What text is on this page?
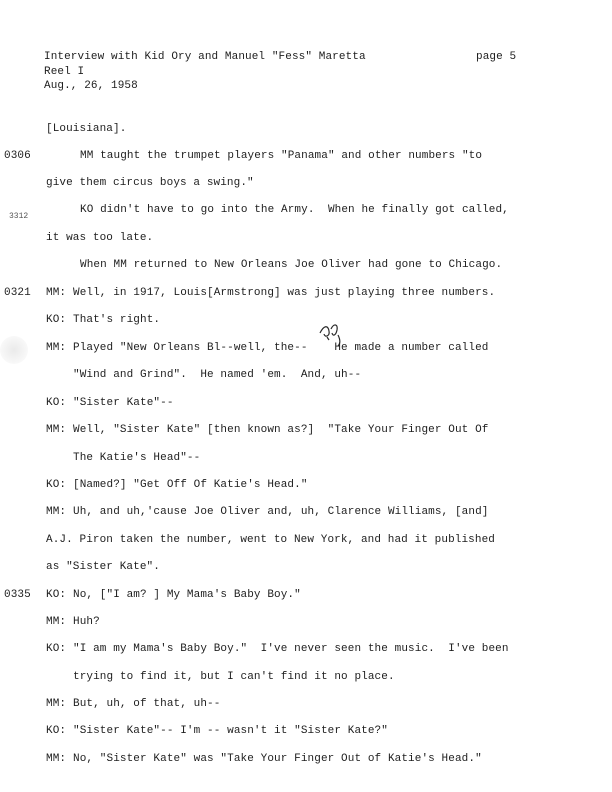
Interview with Kid Ory and Manuel "Fess" Maretta	page 5
Reel I
Aug., 26, 1958
3312
[Louisiana].
0306	MM taught the trumpet players "Panama" and other numbers "to
give them circus boys a swing."
KO didn't have to go into the Army.  When he finally got called,
it was too late.
When MM returned to New Orleans Joe Oliver had gone to Chicago.
0321 MM: Well, in 1917, Louis[Armstrong] was just playing three numbers.
KO: That's right.
MM: Played "New Orleans Bl--well, the--    He made a number called
"Wind and Grind".  He named 'em.  And, uh--
KO: "Sister Kate"--
MM: Well, "Sister Kate" [then known as?]  "Take Your Finger Out Of
The Katie's Head"--
KO: [Named?] "Get Off Of Katie's Head."
MM: Uh, and uh,'cause Joe Oliver and, uh, Clarence Williams, [and]
A.J. Piron taken the number, went to New York, and had it published
as "Sister Kate".
0335 KO: No, ["I am? ] My Mama's Baby Boy."
MM: Huh?
KO: "I am my Mama's Baby Boy."  I've never seen the music.  I've been
trying to find it, but I can't find it no place.
MM: But, uh, of that, uh--
KO: "Sister Kate"-- I'm -- wasn't it "Sister Kate?"
MM: No, "Sister Kate" was "Take Your Finger Out of Katie's Head."
